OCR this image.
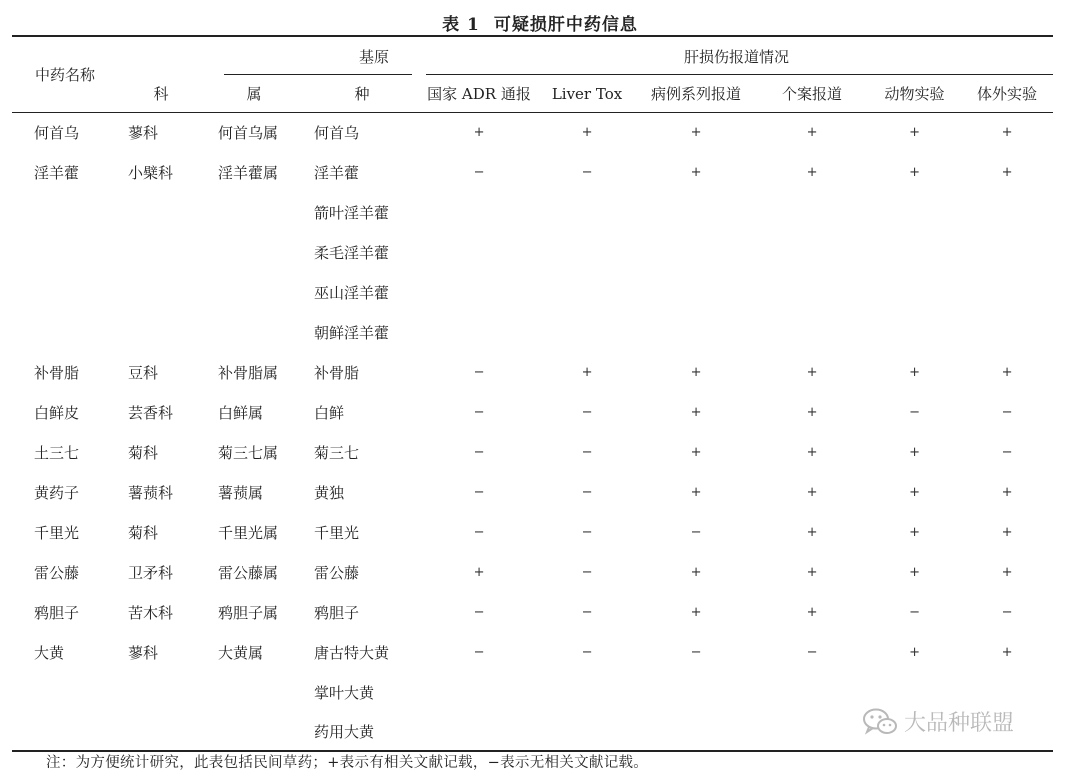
表 1 可疑损肝中药信息
中药名称	基原			肝损伤报道情况					
	科	属	种	国家 ADR 通报	Liver Tox	病例系列报道	个案报道	动物实验	体外实验
何首乌	蓼科	何首乌属	何首乌	+	+	+	+	+	+
淫羊藿	小檗科	淫羊藿属	淫羊藿	−	−	+	+	+	+
			箭叶淫羊藿						
			柔毛淫羊藿						
			巫山淫羊藿						
			朝鲜淫羊藿						
补骨脂	豆科	补骨脂属	补骨脂	−	+	+	+	+	+
白鲜皮	芸香科	白鲜属	白鲜	−	−	+	+	−	−
土三七	菊科	菊三七属	菊三七	−	−	+	+	+	−
黄药子	薯蓣科	薯蓣属	黄独	−	−	+	+	+	+
千里光	菊科	千里光属	千里光	−	−	−	+	+	+
雷公藤	卫矛科	雷公藤属	雷公藤	+	−	+	+	+	+
鸦胆子	苦木科	鸦胆子属	鸦胆子	−	−	+	+	−	−
大黄	蓼科	大黄属	唐古特大黄	−	−	−	−	+	+
			掌叶大黄						
			药用大黄						
注：为方便统计研究，此表包括民间草药；+表示有相关文献记载，−表示无相关文献记载。
大品种联盟
